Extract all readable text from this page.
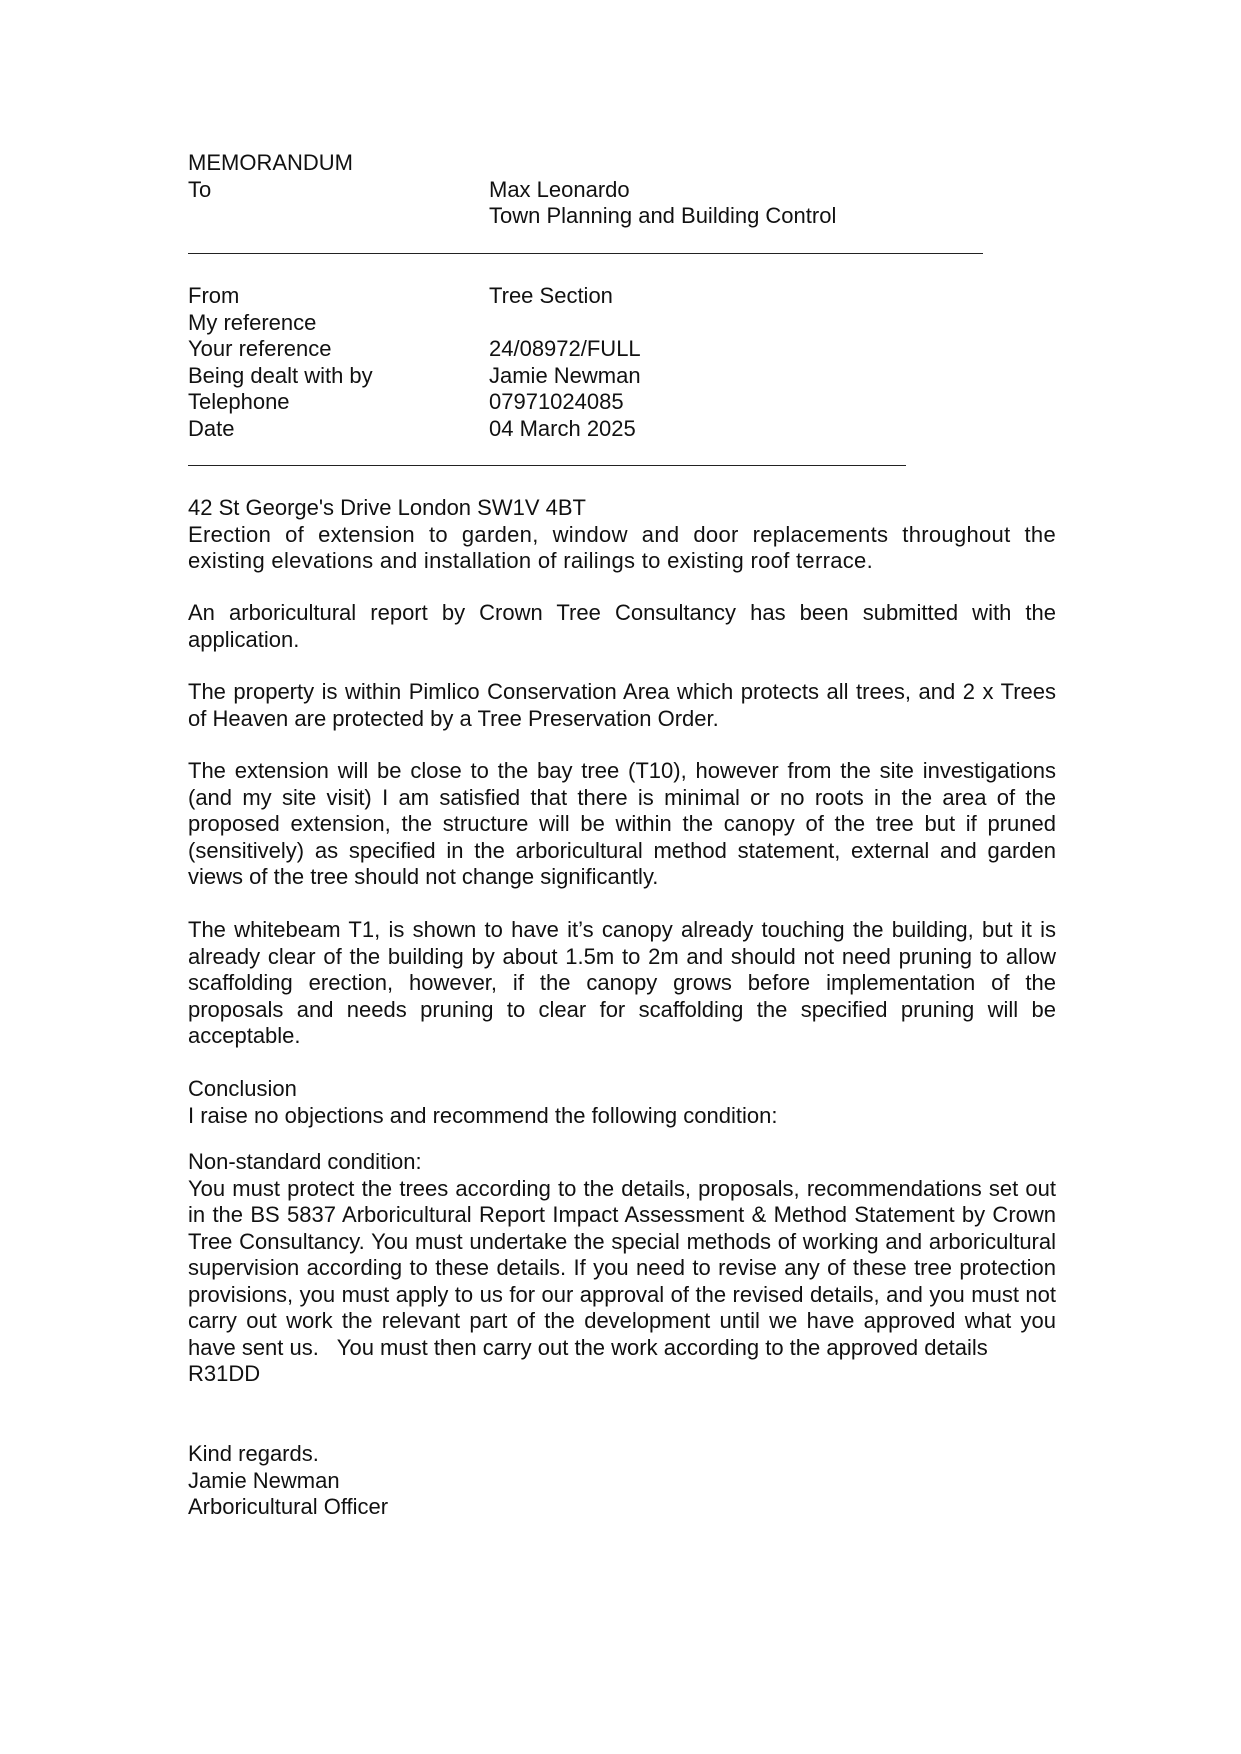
MEMORANDUM
To	Max Leonardo
Town Planning and Building Control
From	Tree Section
My reference
Your reference	24/08972/FULL
Being dealt with by	Jamie Newman
Telephone	07971024085
Date	04 March 2025

42 St George's Drive London SW1V 4BT

Erection of extension to garden, window and door replacements throughout the existing elevations and installation of railings to existing roof terrace.

An arboricultural report by Crown Tree Consultancy has been submitted with the application.

The property is within Pimlico Conservation Area which protects all trees, and 2 x Trees of Heaven are protected by a Tree Preservation Order.

The extension will be close to the bay tree (T10), however from the site investigations (and my site visit) I am satisfied that there is minimal or no roots in the area of the proposed extension, the structure will be within the canopy of the tree but if pruned (sensitively) as specified in the arboricultural method statement, external and garden views of the tree should not change significantly.

The whitebeam T1, is shown to have it’s canopy already touching the building, but it is already clear of the building by about 1.5m to 2m and should not need pruning to allow scaffolding erection, however, if the canopy grows before implementation of the proposals and needs pruning to clear for scaffolding the specified pruning will be acceptable.

Conclusion

I raise no objections and recommend the following condition:

Non-standard condition:

You must protect the trees according to the details, proposals, recommendations set out in the BS 5837 Arboricultural Report Impact Assessment & Method Statement by Crown Tree Consultancy. You must undertake the special methods of working and arboricultural supervision according to these details. If you need to revise any of these tree protection provisions, you must apply to us for our approval of the revised details, and you must not carry out work the relevant part of the development until we have approved what you have sent us.   You must then carry out the work according to the approved details

R31DD

Kind regards.

Jamie Newman

Arboricultural Officer
